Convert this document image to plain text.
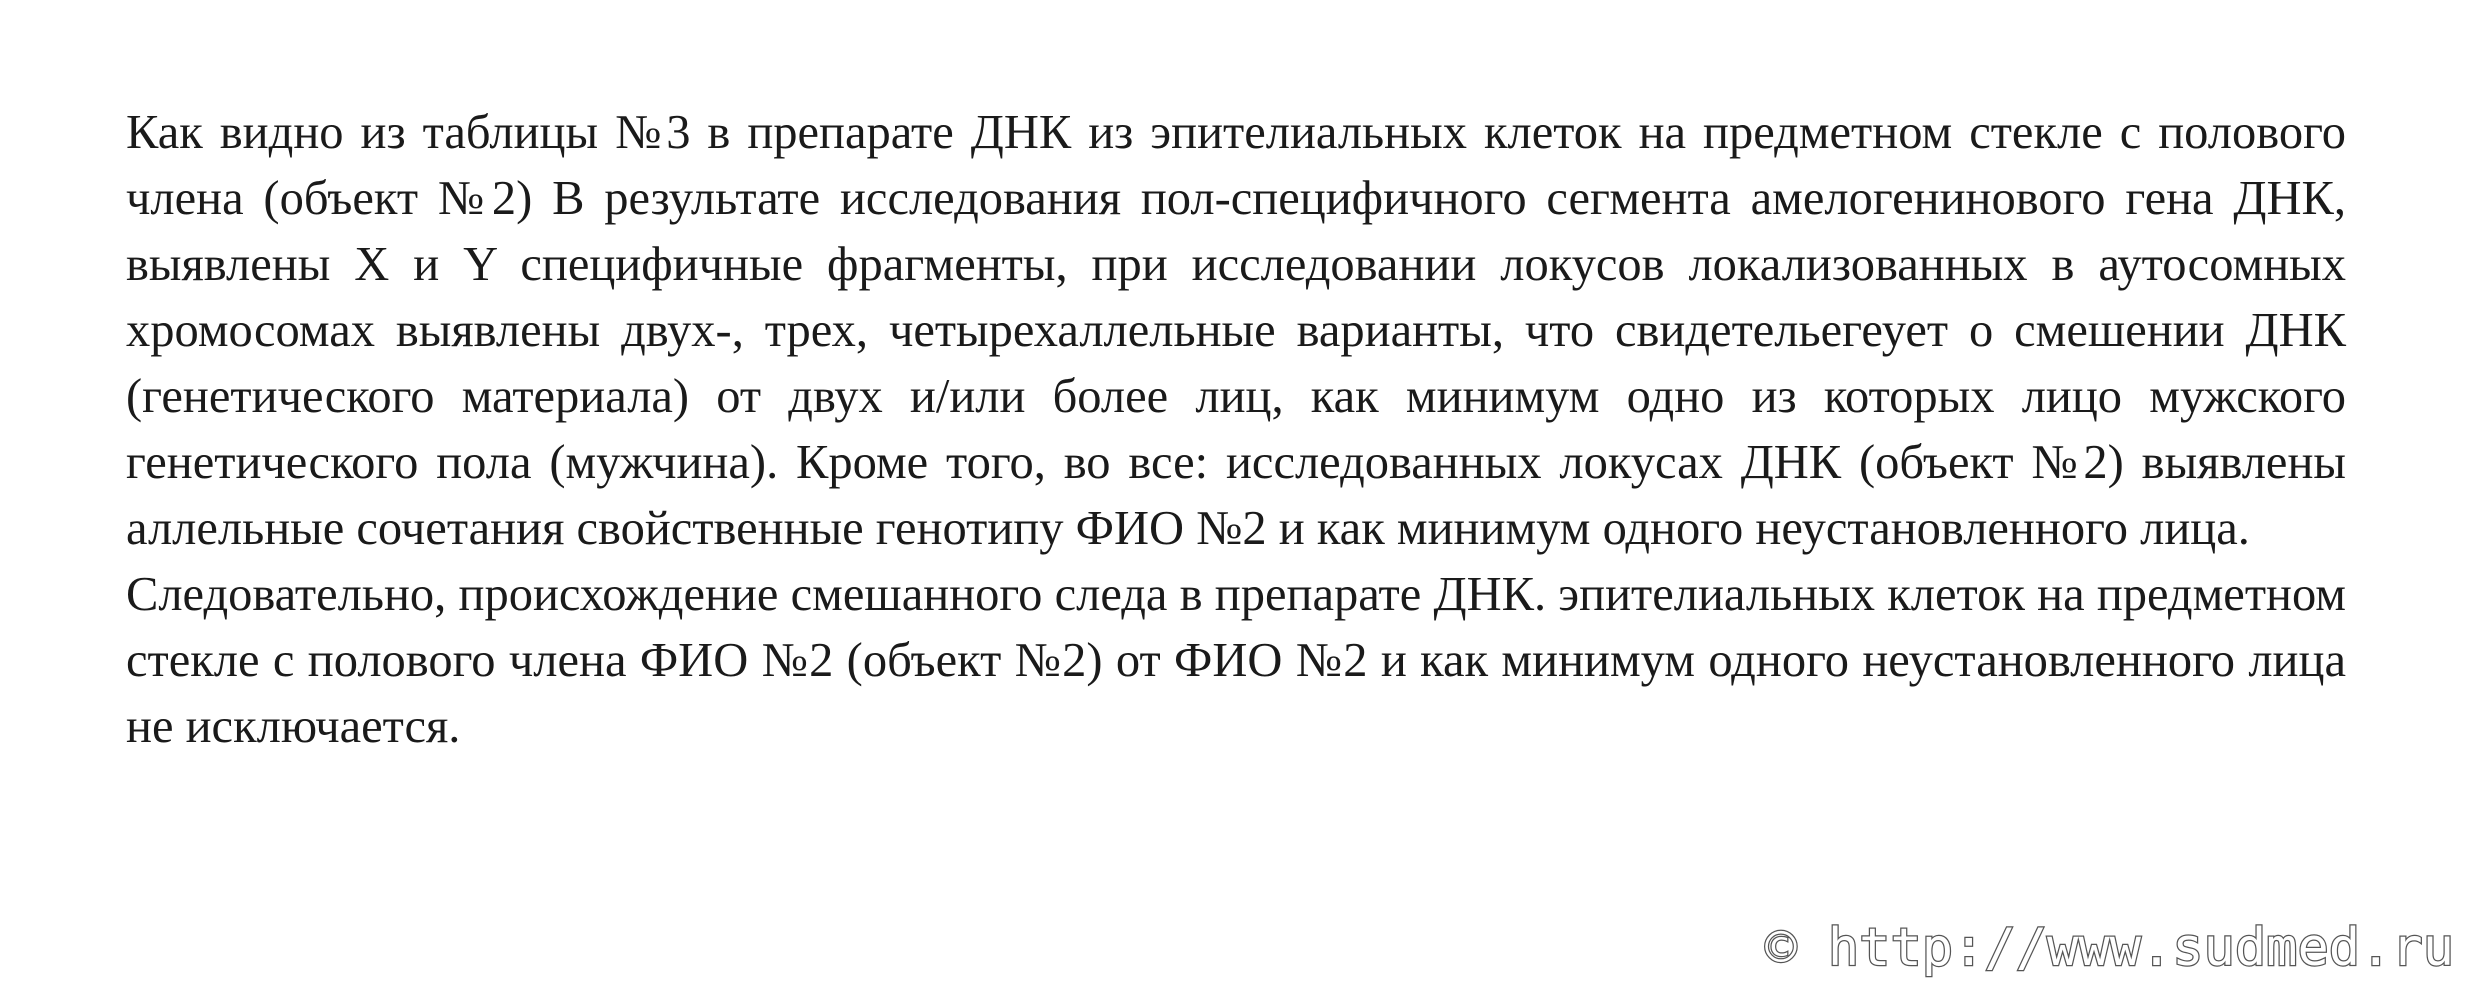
Как видно из таблицы №3 в препарате ДНК из эпителиальных клеток на предметном стекле с полового члена (объект №2) В результате исследования пол-специфичного сегмента амелогенинового гена ДНК, выявлены X и Y специфичные фрагменты, при исследовании локусов локализованных в аутосомных хромосомах выявлены двух-, трех, четырехаллельные варианты, что свидетельегеует о смешении ДНК (генетического материала) от двух и/или более лиц, как минимум одно из которых лицо мужского генетического пола (мужчина). Кроме того, во все: исследованных локусах ДНК (объект №2) выявлены аллельные сочетания свойственные генотипу ФИО №2 и как минимум одного неустановленного лица.

Следовательно, происхождение смешанного следа в препарате ДНК. эпителиальных клеток на предметном стекле с полового члена ФИО №2 (объект №2) от ФИО №2 и как минимум одного неустановленного лица не исключается.

© http://www.sudmed.ru
